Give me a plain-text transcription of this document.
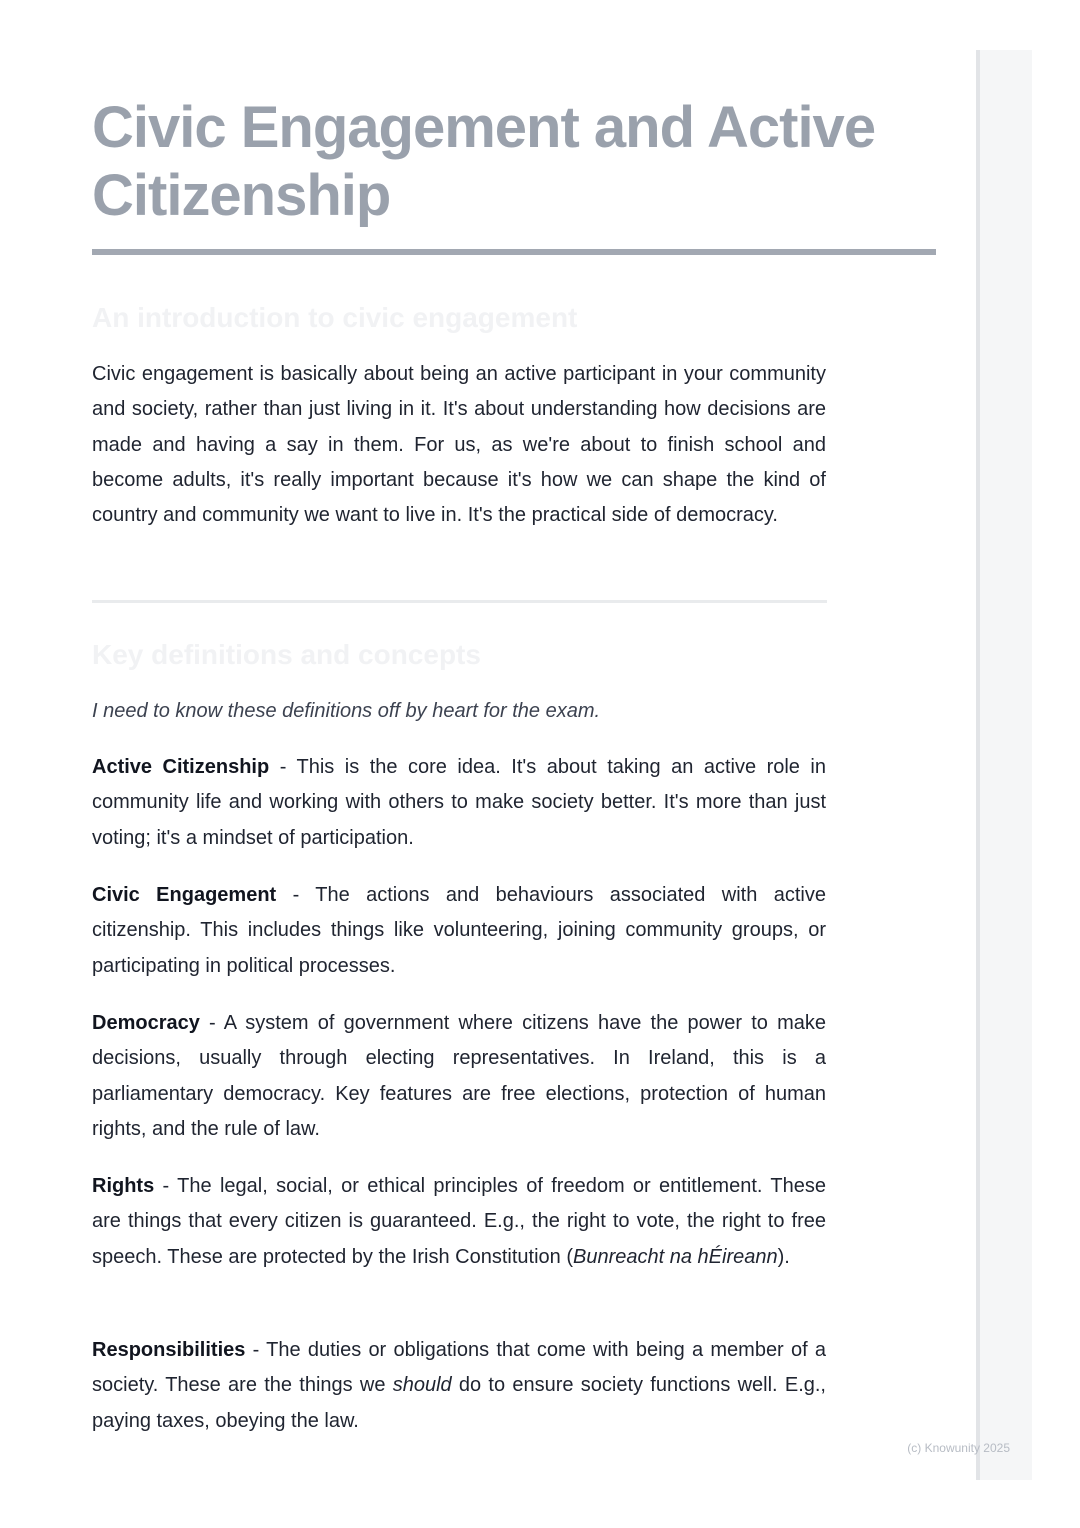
Civic Engagement and Active Citizenship
An introduction to civic engagement

Civic engagement is basically about being an active participant in your community and society, rather than just living in it. It's about understanding how decisions are made and having a say in them. For us, as we're about to finish school and become adults, it's really important because it's how we can shape the kind of country and community we want to live in. It's the practical side of democracy.

Key definitions and concepts

I need to know these definitions off by heart for the exam.

Active Citizenship - This is the core idea. It's about taking an active role in community life and working with others to make society better. It's more than just voting; it's a mindset of participation.

Civic Engagement - The actions and behaviours associated with active citizenship. This includes things like volunteering, joining community groups, or participating in political processes.

Democracy - A system of government where citizens have the power to make decisions, usually through electing representatives. In Ireland, this is a parliamentary democracy. Key features are free elections, protection of human rights, and the rule of law.

Rights - The legal, social, or ethical principles of freedom or entitlement. These are things that every citizen is guaranteed. E.g., the right to vote, the right to free speech. These are protected by the Irish Constitution (Bunreacht na hÉireann).

Responsibilities - The duties or obligations that come with being a member of a society. These are the things we should do to ensure society functions well. E.g., paying taxes, obeying the law.

(c) Knowunity 2025
